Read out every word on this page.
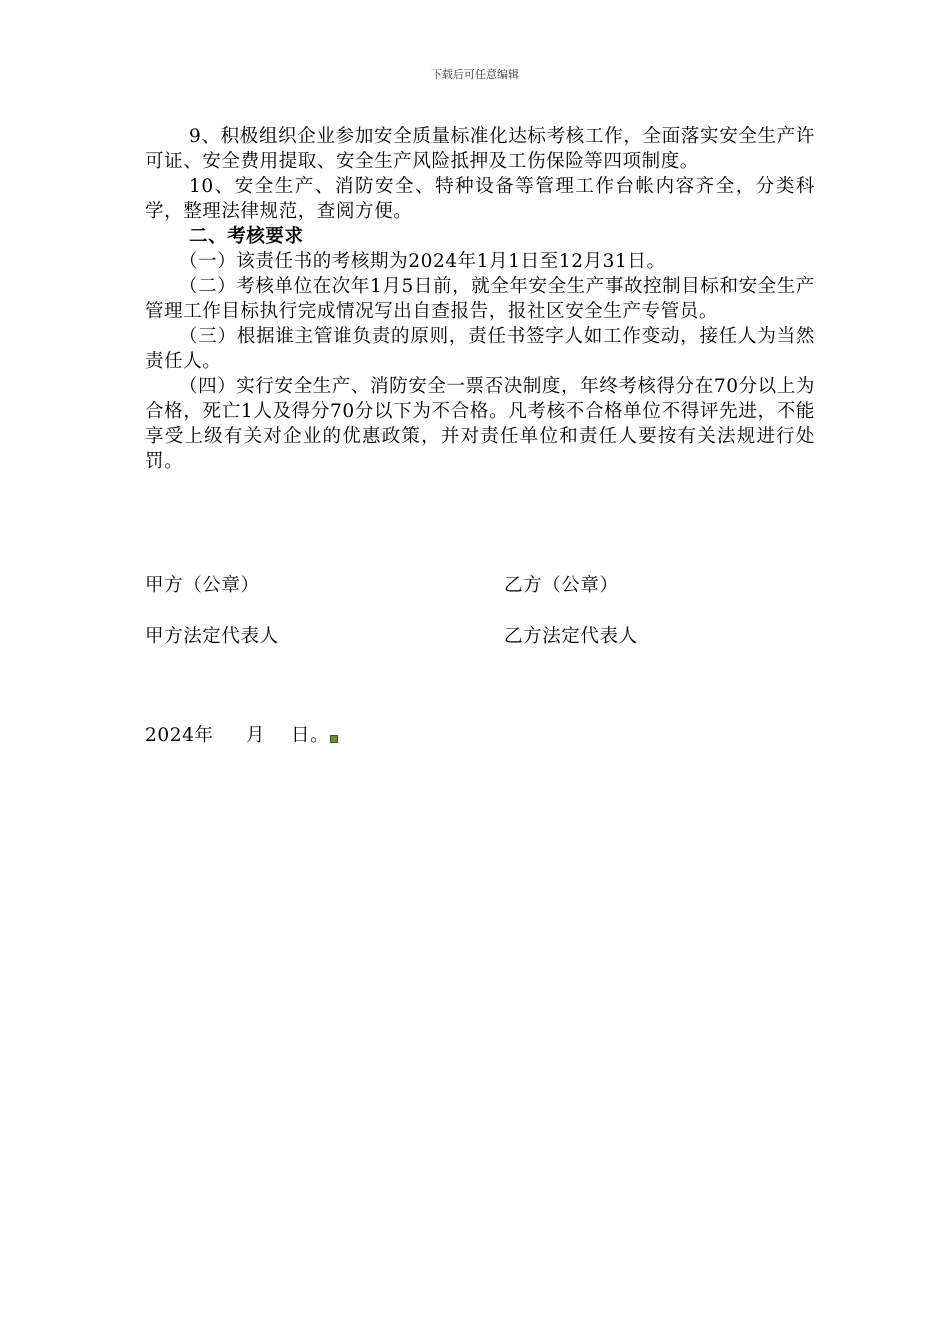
下载后可任意编辑

9、积极组织企业参加安全质量标准化达标考核工作，全面落实安全生产许可证、安全费用提取、安全生产风险抵押及工伤保险等四项制度。

10、安全生产、消防安全、特种设备等管理工作台帐内容齐全，分类科学，整理法律规范，查阅方便。

二、考核要求

（一）该责任书的考核期为2024年1月1日至12月31日。

（二）考核单位在次年1月5日前，就全年安全生产事故控制目标和安全生产管理工作目标执行完成情况写出自查报告，报社区安全生产专管员。

（三）根据谁主管谁负责的原则，责任书签字人如工作变动，接任人为当然责任人。

（四）实行安全生产、消防安全一票否决制度，年终考核得分在70分以上为合格，死亡1人及得分70分以下为不合格。凡考核不合格单位不得评先进，不能享受上级有关对企业的优惠政策，并对责任单位和责任人要按有关法规进行处罚。

甲方（公章）	乙方（公章）
甲方法定代表人	乙方法定代表人
2024年     月    日。
